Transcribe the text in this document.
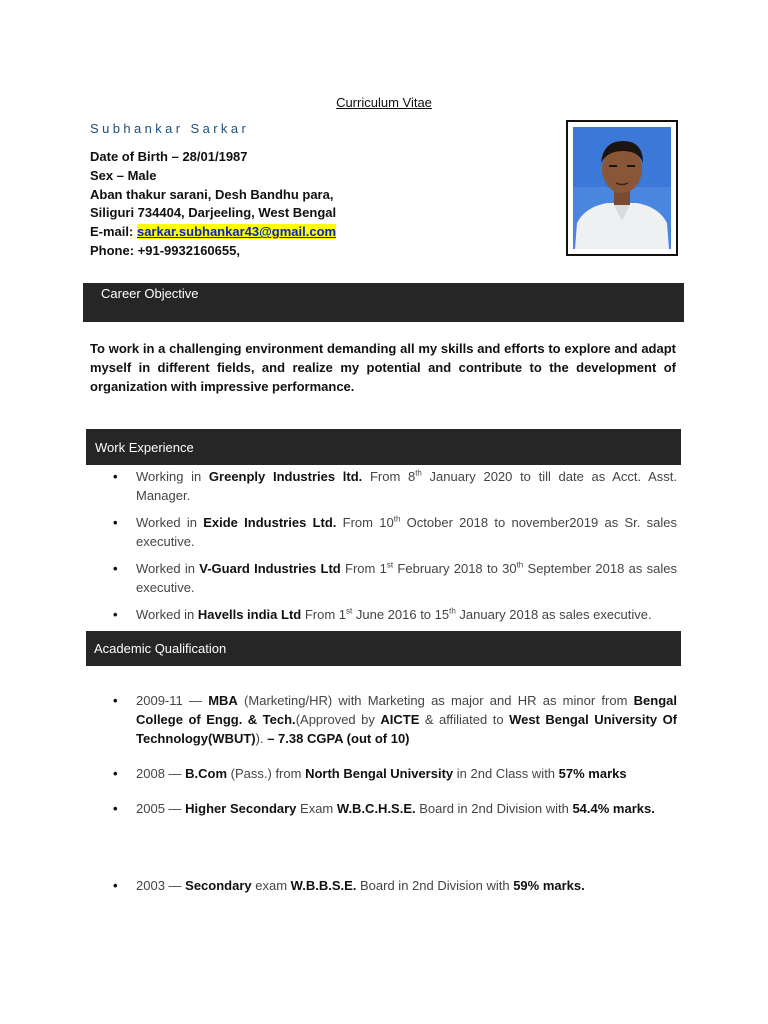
Curriculum Vitae
Subhankar Sarkar
Date of Birth – 28/01/1987
Sex – Male
Aban thakur sarani, Desh Bandhu para,
Siliguri 734404, Darjeeling, West Bengal
E-mail: sarkar.subhankar43@gmail.com
Phone: +91-9932160655,
Career Objective
To work in a challenging environment demanding all my skills and efforts to explore and adapt myself in different fields, and realize my potential and contribute to the development of organization with impressive performance.
Work Experience
• Working in Greenply Industries ltd. From 8th January 2020 to till date as Acct. Asst. Manager.
• Worked in Exide Industries Ltd. From 10th October 2018 to november2019 as Sr. sales executive.
• Worked in V-Guard Industries Ltd From 1st February 2018 to 30th September 2018 as sales executive.
• Worked in Havells india Ltd From 1st June 2016 to 15th January 2018 as sales executive.
Academic Qualification
• 2009-11 — MBA (Marketing/HR) with Marketing as major and HR as minor from Bengal College of Engg. & Tech.(Approved by AICTE & affiliated to West Bengal University Of Technology(WBUT)). – 7.38 CGPA (out of 10)
• 2008 — B.Com (Pass.) from North Bengal University in 2nd Class with 57% marks
• 2005 — Higher Secondary Exam W.B.C.H.S.E. Board in 2nd Division with 54.4% marks.
• 2003 — Secondary exam W.B.B.S.E. Board in 2nd Division with 59% marks.
